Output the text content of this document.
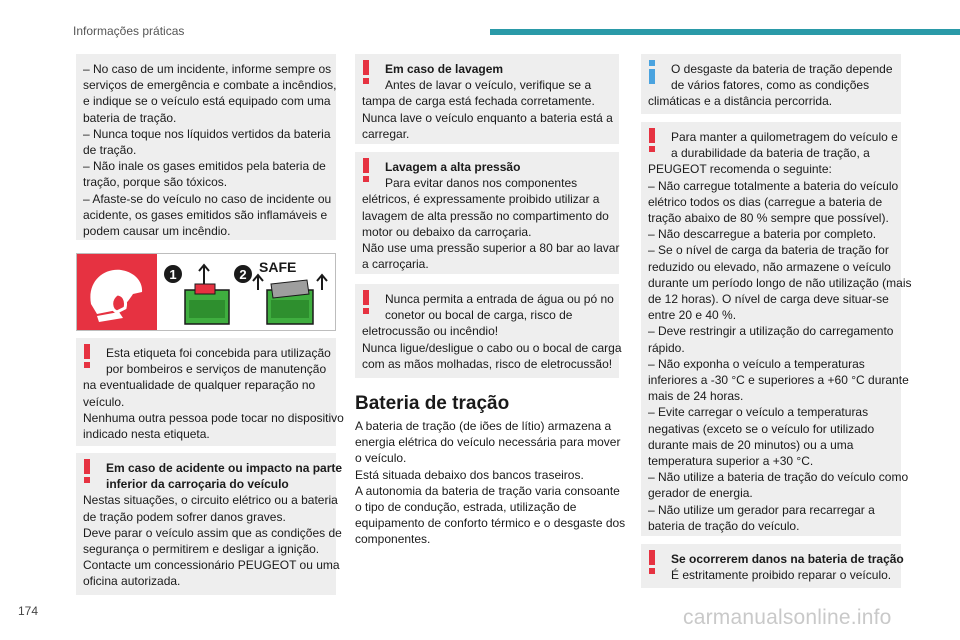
Informações práticas

– No caso de um incidente, informe sempre os
serviços de emergência e combate a incêndios,
e indique se o veículo está equipado com uma
bateria de tração.
– Nunca toque nos líquidos vertidos da bateria
de tração.
– Não inale os gases emitidos pela bateria de
tração, porque são tóxicos.
– Afaste-se do veículo no caso de incidente ou
acidente, os gases emitidos são inflamáveis e
podem causar um incêndio.

1	2 SAFE

Esta etiqueta foi concebida para utilização
por bombeiros e serviços de manutenção
na eventualidade de qualquer reparação no
veículo.
Nenhuma outra pessoa pode tocar no dispositivo
indicado nesta etiqueta.

Em caso de acidente ou impacto na parte
inferior da carroçaria do veículo
Nestas situações, o circuito elétrico ou a bateria
de tração podem sofrer danos graves.
Deve parar o veículo assim que as condições de
segurança o permitirem e desligar a ignição.
Contacte um concessionário PEUGEOT ou uma
oficina autorizada.

Em caso de lavagem
Antes de lavar o veículo, verifique se a
tampa de carga está fechada corretamente.
Nunca lave o veículo enquanto a bateria está a
carregar.

Lavagem a alta pressão
Para evitar danos nos componentes
elétricos, é expressamente proibido utilizar a
lavagem de alta pressão no compartimento do
motor ou debaixo da carroçaria.
Não use uma pressão superior a 80 bar ao lavar
a carroçaria.

Nunca permita a entrada de água ou pó no
conetor ou bocal de carga, risco de
eletrocussão ou incêndio!
Nunca ligue/desligue o cabo ou o bocal de carga
com as mãos molhadas, risco de eletrocussão!

Bateria de tração

A bateria de tração (de iões de lítio) armazena a
energia elétrica do veículo necessária para mover
o veículo.
Está situada debaixo dos bancos traseiros.
A autonomia da bateria de tração varia consoante
o tipo de condução, estrada, utilização de
equipamento de conforto térmico e o desgaste dos
componentes.

O desgaste da bateria de tração depende
de vários fatores, como as condições
climáticas e a distância percorrida.

Para manter a quilometragem do veículo e
a durabilidade da bateria de tração, a
PEUGEOT recomenda o seguinte:
– Não carregue totalmente a bateria do veículo
elétrico todos os dias (carregue a bateria de
tração abaixo de 80 % sempre que possível).
– Não descarregue a bateria por completo.
– Se o nível de carga da bateria de tração for
reduzido ou elevado, não armazene o veículo
durante um período longo de não utilização (mais
de 12 horas). O nível de carga deve situar-se
entre 20 e 40 %.
– Deve restringir a utilização do carregamento
rápido.
– Não exponha o veículo a temperaturas
inferiores a -30 °C e superiores a +60 °C durante
mais de 24 horas.
– Evite carregar o veículo a temperaturas
negativas (exceto se o veículo for utilizado
durante mais de 20 minutos) ou a uma
temperatura superior a +30 °C.
– Não utilize a bateria de tração do veículo como
gerador de energia.
– Não utilize um gerador para recarregar a
bateria de tração do veículo.

Se ocorrerem danos na bateria de tração
É estritamente proibido reparar o veículo.

174	carmanualsonline.info
